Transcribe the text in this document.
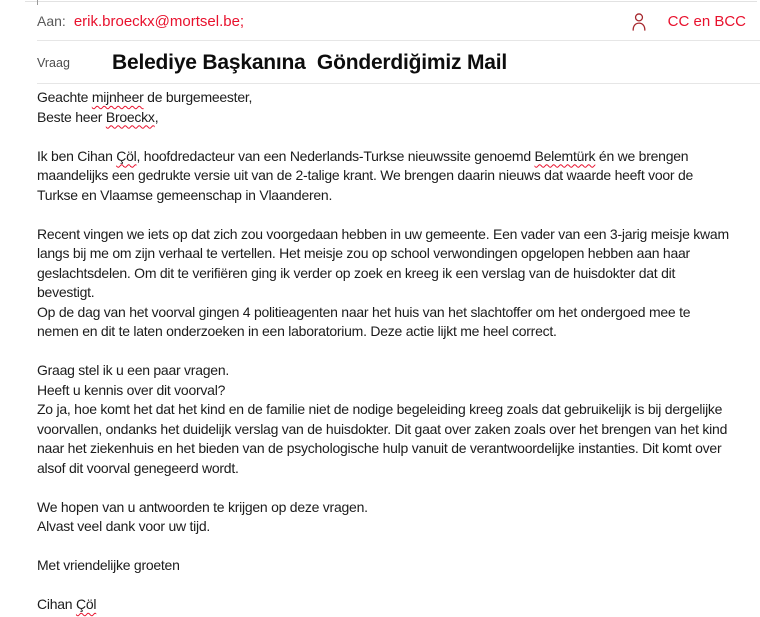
Aan: erik.broeckx@mortsel.be;	CC en BCC
Vraag	Belediye Başkanına  Gönderdiğimiz Mail
Geachte mijnheer de burgemeester,
Beste heer Broeckx,

Ik ben Cihan Çöl, hoofdredacteur van een Nederlands-Turkse nieuwssite genoemd Belemtürk én we brengen
maandelijks een gedrukte versie uit van de 2-talige krant. We brengen daarin nieuws dat waarde heeft voor de
Turkse en Vlaamse gemeenschap in Vlaanderen.

Recent vingen we iets op dat zich zou voorgedaan hebben in uw gemeente. Een vader van een 3-jarig meisje kwam
langs bij me om zijn verhaal te vertellen. Het meisje zou op school verwondingen opgelopen hebben aan haar
geslachtsdelen. Om dit te verifiëren ging ik verder op zoek en kreeg ik een verslag van de huisdokter dat dit
bevestigt.
Op de dag van het voorval gingen 4 politieagenten naar het huis van het slachtoffer om het ondergoed mee te
nemen en dit te laten onderzoeken in een laboratorium. Deze actie lijkt me heel correct.

Graag stel ik u een paar vragen.
Heeft u kennis over dit voorval?
Zo ja, hoe komt het dat het kind en de familie niet de nodige begeleiding kreeg zoals dat gebruikelijk is bij dergelijke
voorvallen, ondanks het duidelijk verslag van de huisdokter. Dit gaat over zaken zoals over het brengen van het kind
naar het ziekenhuis en het bieden van de psychologische hulp vanuit de verantwoordelijke instanties. Dit komt over
alsof dit voorval genegeerd wordt.

We hopen van u antwoorden te krijgen op deze vragen.
Alvast veel dank voor uw tijd.

Met vriendelijke groeten

Cihan Çöl
